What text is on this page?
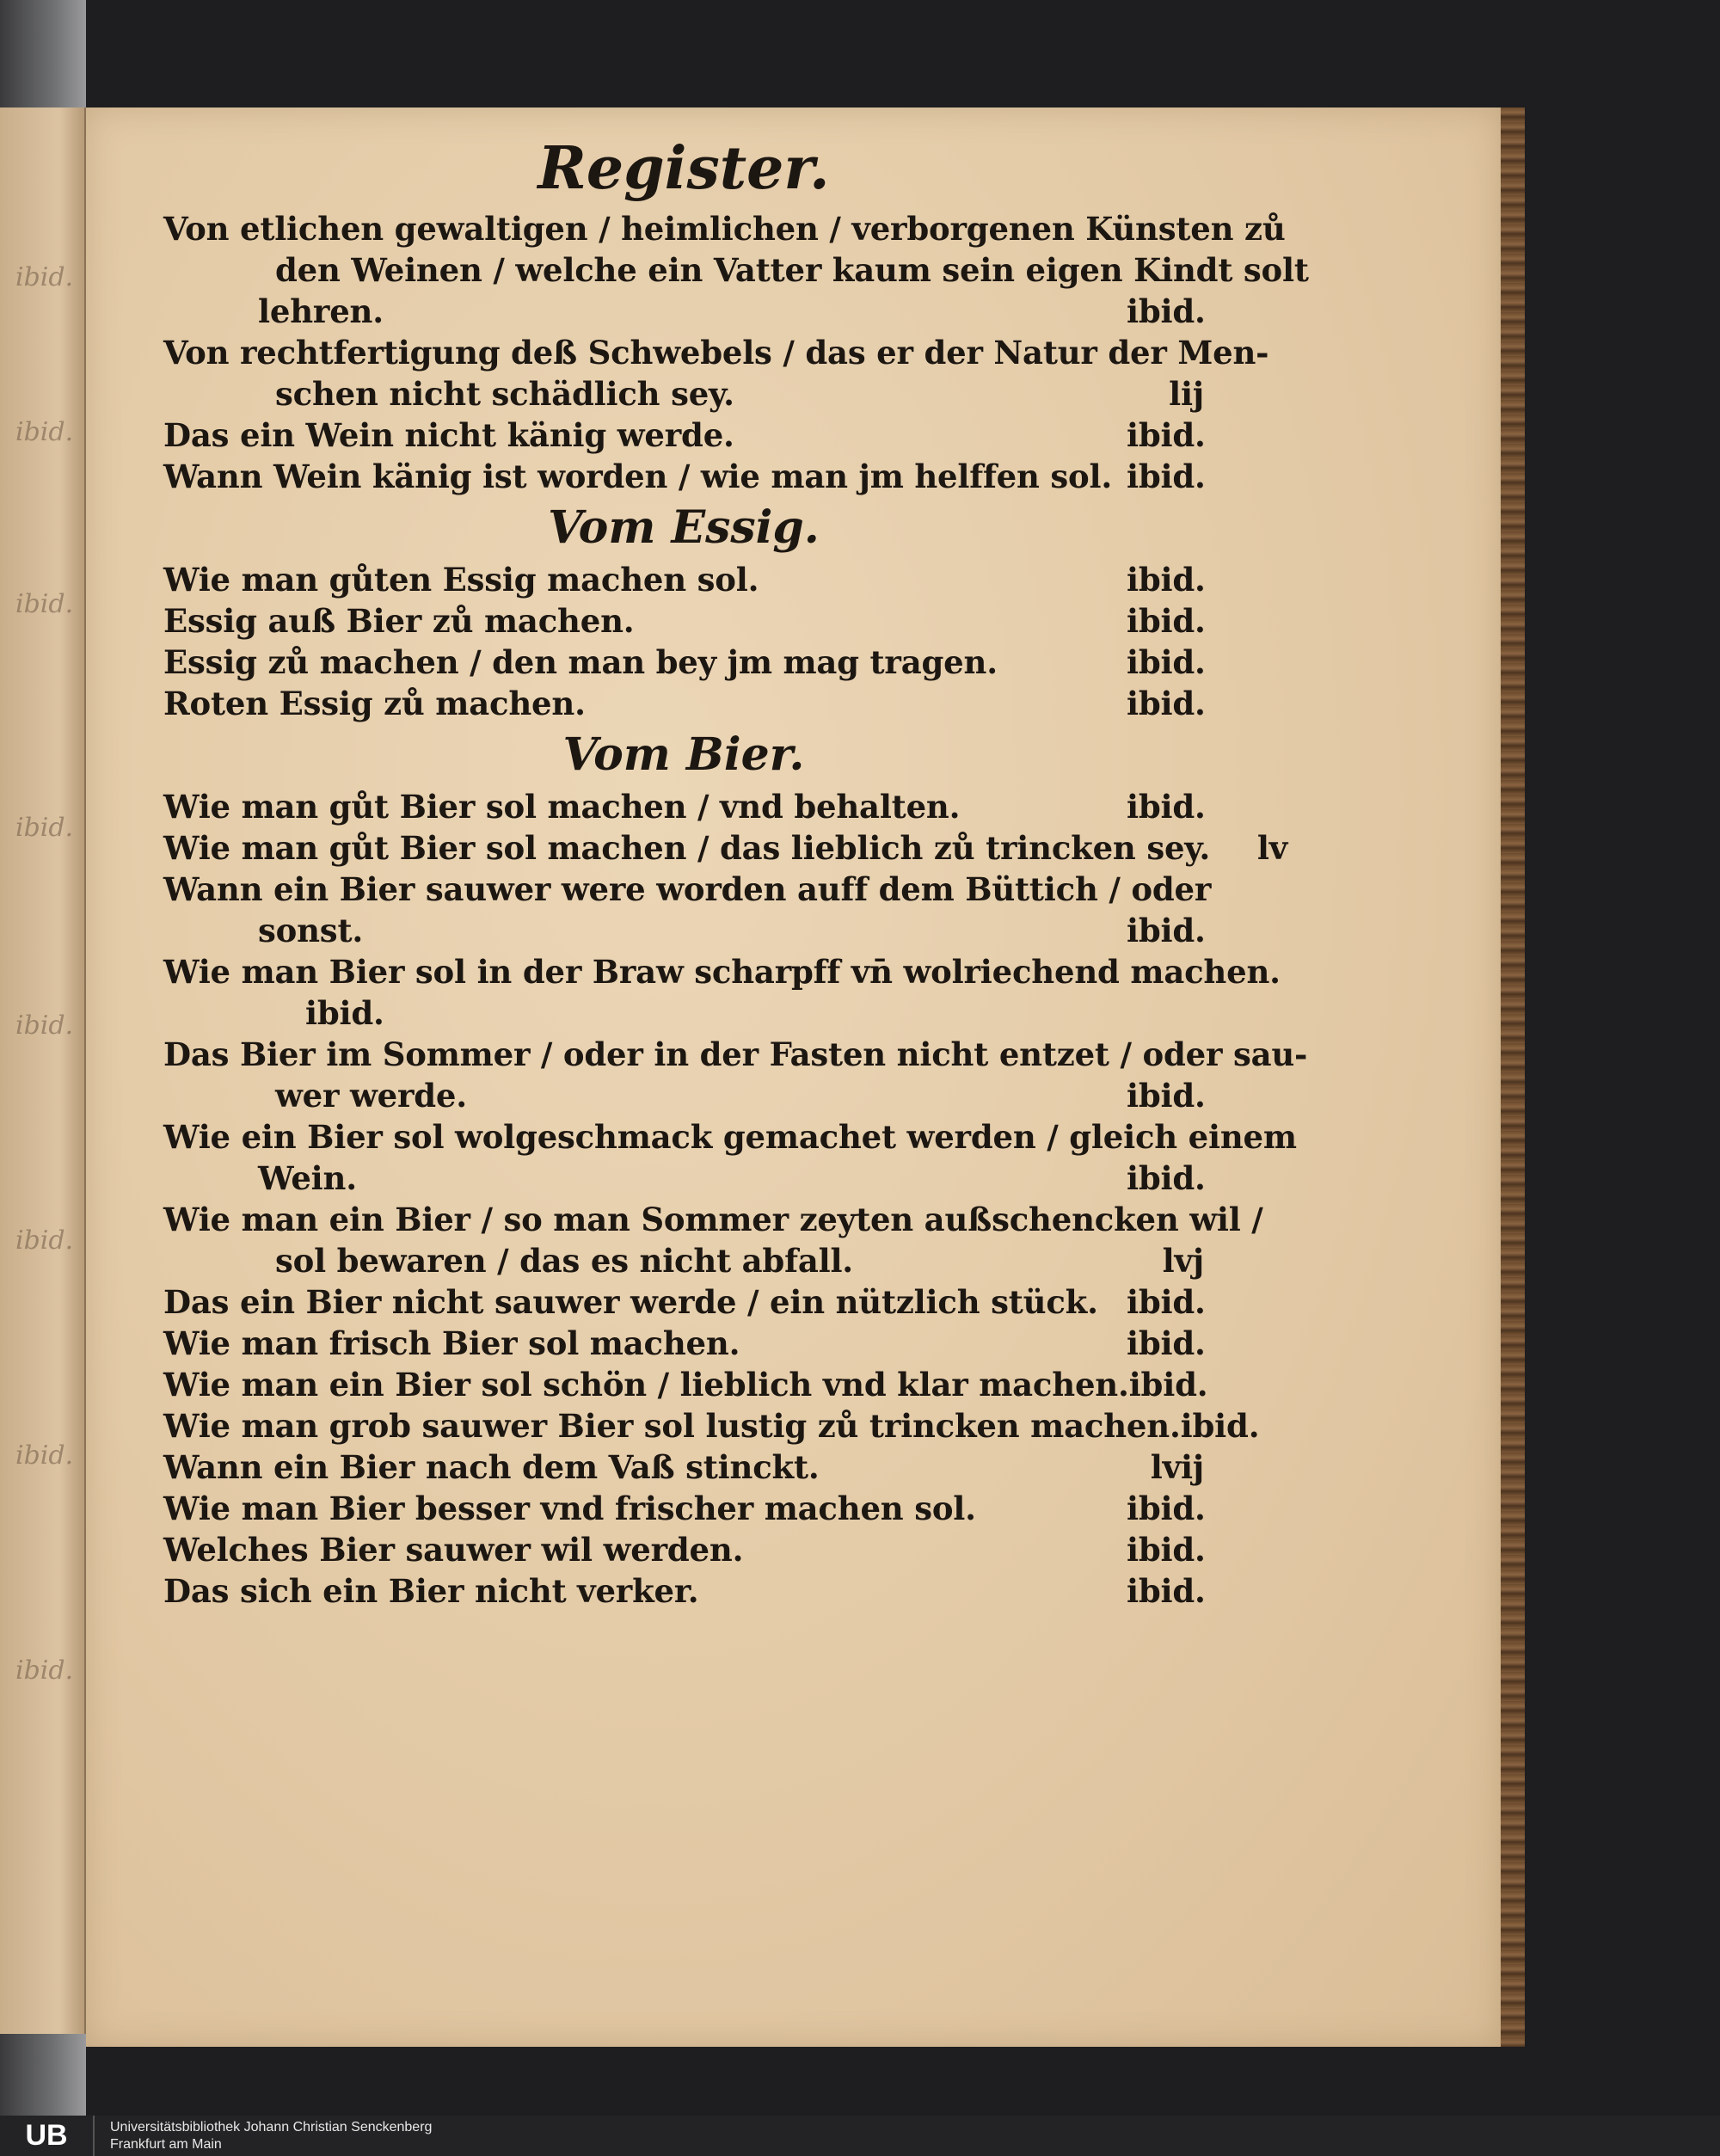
ibid.
ibid.
ibid.
ibid.
ibid.
ibid.
ibid.
ibid.
Register.
Von etlichen gewaltigen / heimlichen / verborgenen Künsten zů
den Weinen / welche ein Vatter kaum sein eigen Kindt solt
lehren.	ibid.
Von rechtfertigung deß Schwebels / das er der Natur der Men-
schen nicht schädlich sey.	lij
Das ein Wein nicht känig werde.	ibid.
Wann Wein känig ist worden / wie man jm helffen sol. ibid.
Vom Essig.
Wie man gůten Essig machen sol.	ibid.
Essig auß Bier zů machen.	ibid.
Essig zů machen / den man bey jm mag tragen.	ibid.
Roten Essig zů machen.	ibid.
Vom Bier.
Wie man gůt Bier sol machen / vnd behalten.	ibid.
Wie man gůt Bier sol machen / das lieblich zů trincken sey.	lv
Wann ein Bier sauwer were worden auff dem Büttich / oder
sonst.	ibid.
Wie man Bier sol in der Braw scharpff vn̄ wolriechend machen.
ibid.
Das Bier im Sommer / oder in der Fasten nicht entzet / oder sau-
wer werde.	ibid.
Wie ein Bier sol wolgeschmack gemachet werden / gleich einem
Wein.	ibid.
Wie man ein Bier / so man Sommer zeyten außschencken wil /
sol bewaren / das es nicht abfall.	lvj
Das ein Bier nicht sauwer werde / ein nützlich stück. ibid.
Wie man frisch Bier sol machen.	ibid.
Wie man ein Bier sol schön / lieblich vnd klar machen. ibid.
Wie man grob sauwer Bier sol lustig zů trincken machen. ibid.
Wann ein Bier nach dem Vaß stinckt.	lvij
Wie man Bier besser vnd frischer machen sol.	ibid.
Welches Bier sauwer wil werden.	ibid.
Das sich ein Bier nicht verker.	ibid.
UB	Universitätsbibliothek Johann Christian Senckenberg
Frankfurt am Main
